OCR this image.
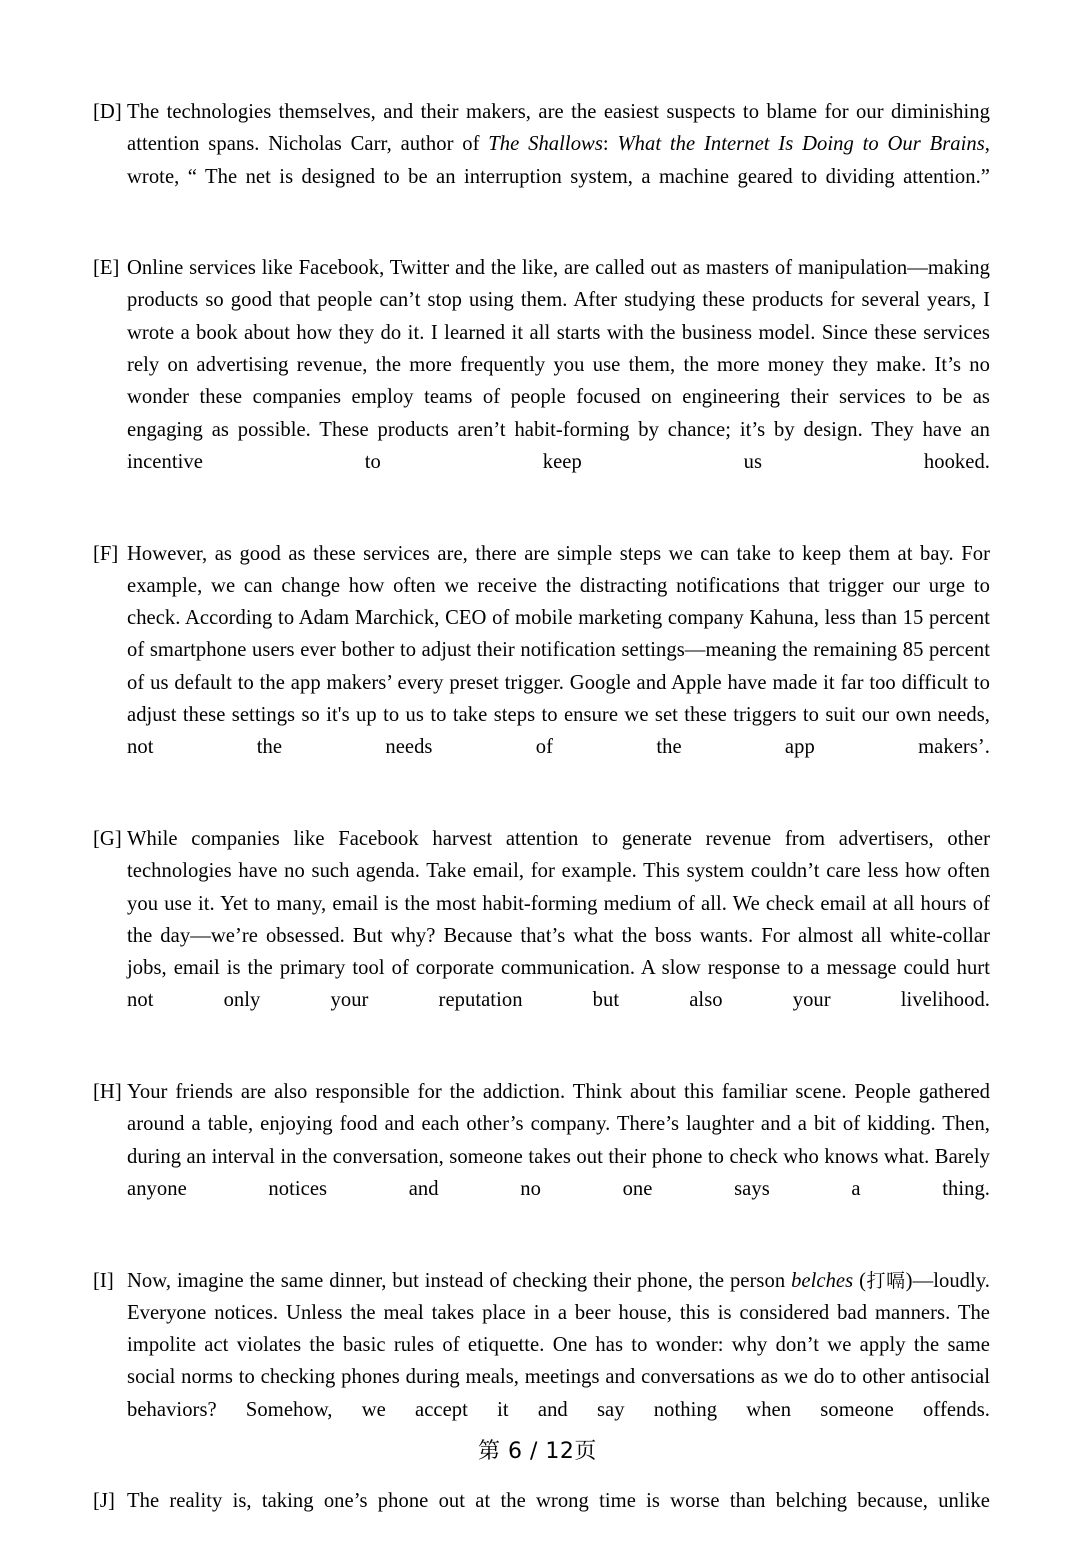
[D] The technologies themselves, and their makers, are the easiest suspects to blame for our diminishing attention spans. Nicholas Carr, author of The Shallows: What the Internet Is Doing to Our Brains, wrote, “ The net is designed to be an interruption system, a machine geared to dividing attention.”

[E] Online services like Facebook, Twitter and the like, are called out as masters of manipulation—making products so good that people can’t stop using them. After studying these products for several years, I wrote a book about how they do it. I learned it all starts with the business model. Since these services rely on advertising revenue, the more frequently you use them, the more money they make. It’s no wonder these companies employ teams of people focused on engineering their services to be as engaging as possible. These products aren’t habit-forming by chance; it’s by design. They have an incentive to keep us hooked.

[F] However, as good as these services are, there are simple steps we can take to keep them at bay. For example, we can change how often we receive the distracting notifications that trigger our urge to check. According to Adam Marchick, CEO of mobile marketing company Kahuna, less than 15 percent of smartphone users ever bother to adjust their notification settings—meaning the remaining 85 percent of us default to the app makers’ every preset trigger. Google and Apple have made it far too difficult to adjust these settings so it's up to us to take steps to ensure we set these triggers to suit our own needs, not the needs of the app makers’.

[G] While companies like Facebook harvest attention to generate revenue from advertisers, other technologies have no such agenda. Take email, for example. This system couldn’t care less how often you use it. Yet to many, email is the most habit-forming medium of all. We check email at all hours of the day—we’re obsessed. But why? Because that’s what the boss wants. For almost all white-collar jobs, email is the primary tool of corporate communication. A slow response to a message could hurt not only your reputation but also your livelihood.

[H] Your friends are also responsible for the addiction. Think about this familiar scene. People gathered around a table, enjoying food and each other’s company. There’s laughter and a bit of kidding. Then, during an interval in the conversation, someone takes out their phone to check who knows what. Barely anyone notices and no one says a thing.

[I] Now, imagine the same dinner, but instead of checking their phone, the person belches (打嗝)—loudly. Everyone notices. Unless the meal takes place in a beer house, this is considered bad manners. The impolite act violates the basic rules of etiquette. One has to wonder: why don’t we apply the same social norms to checking phones during meals, meetings and conversations as we do to other antisocial behaviors? Somehow, we accept it and say nothing when someone offends.

[J] The reality is, taking one’s phone out at the wrong time is worse than belching because, unlike

第 6 / 12页
